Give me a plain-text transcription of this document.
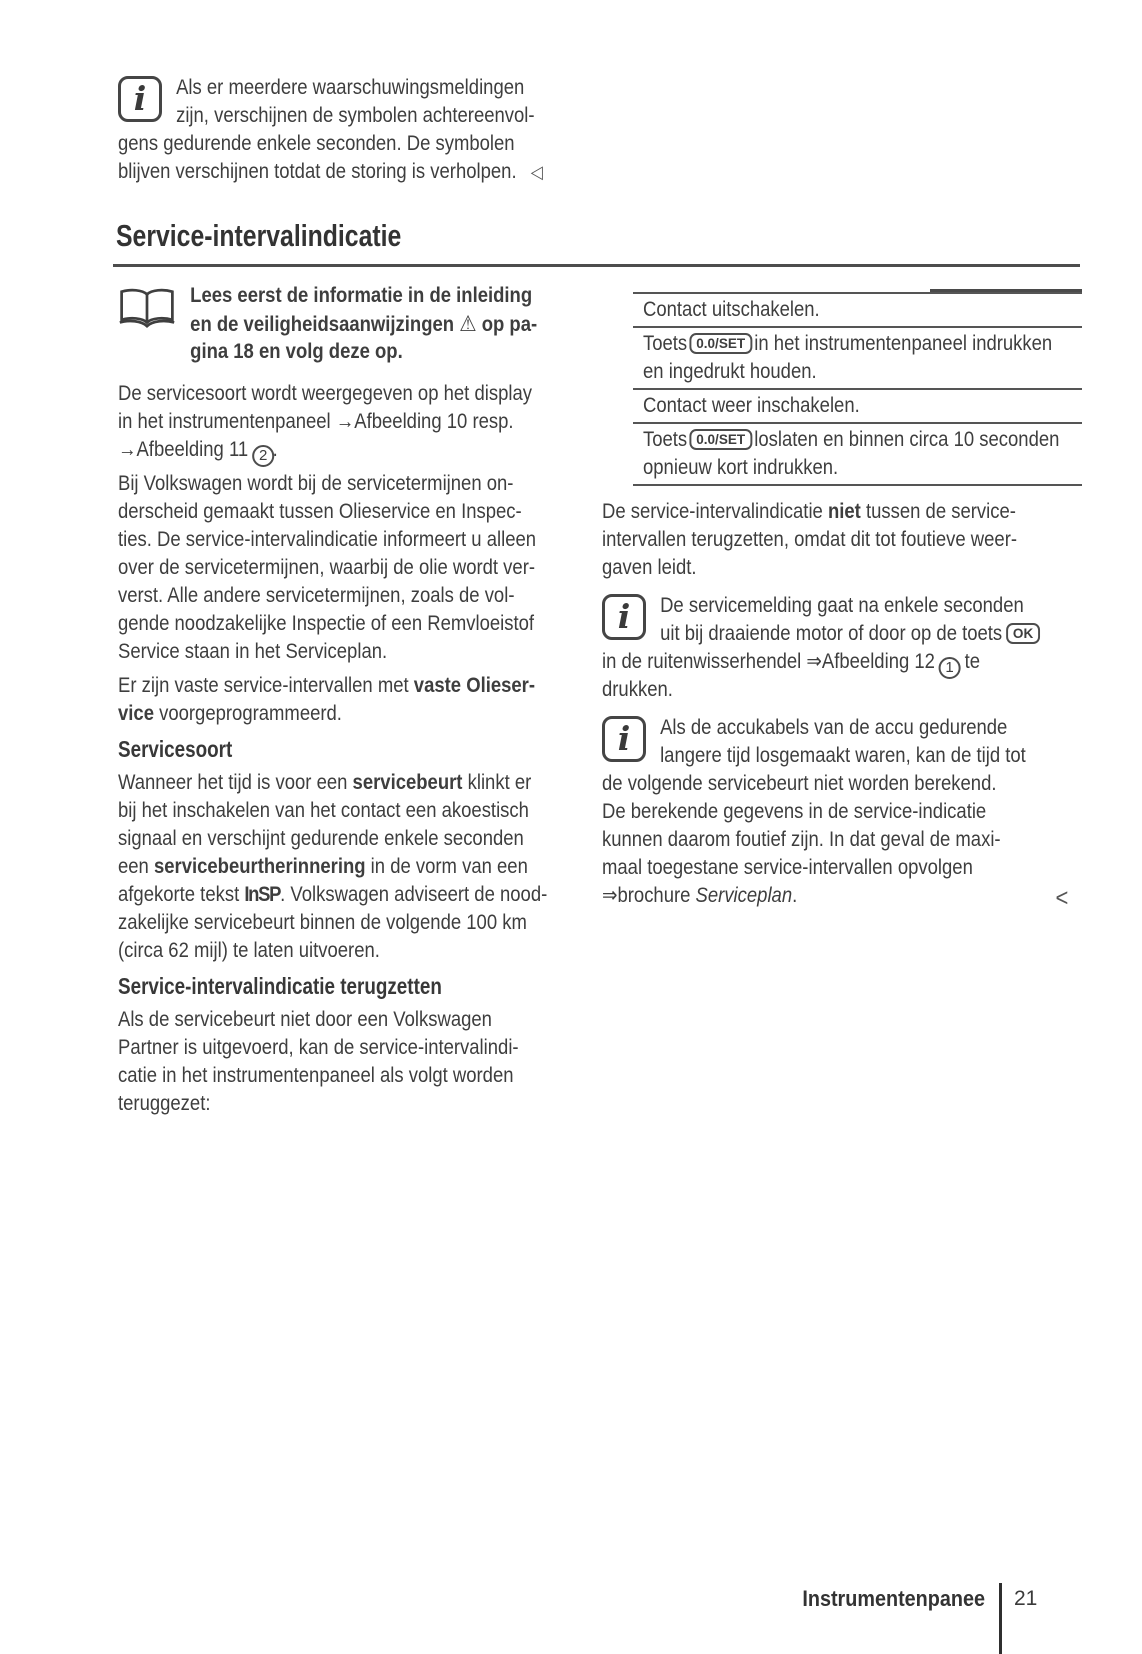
i	Als er meerdere waarschuwingsmeldingen
zijn, verschijnen de symbolen achtereenvol-
gens gedurende enkele seconden. De symbolen
blijven verschijnen totdat de storing is verholpen. ◁
Service-intervalindicatie
Lees eerst de informatie in de inleiding
en de veiligheidsaanwijzingen ⚠ op pa-
gina 18 en volg deze op.
De servicesoort wordt weergegeven op het display
in het instrumentenpaneel →Afbeelding 10 resp.
→Afbeelding 11 2 .
Bij Volkswagen wordt bij de servicetermijnen on-
derscheid gemaakt tussen Olieservice en Inspec-
ties. De service-intervalindicatie informeert u alleen
over de servicetermijnen, waarbij de olie wordt ver-
verst. Alle andere servicetermijnen, zoals de vol-
gende noodzakelijke Inspectie of een Remvloeistof
Service staan in het Serviceplan.
Er zijn vaste service-intervallen met vaste Olieser-
vice voorgeprogrammeerd.
Servicesoort
Wanneer het tijd is voor een servicebeurt klinkt er
bij het inschakelen van het contact een akoestisch
signaal en verschijnt gedurende enkele seconden
een servicebeurtherinnering in de vorm van een
afgekorte tekst InSP. Volkswagen adviseert de nood-
zakelijke servicebeurt binnen de volgende 100 km
(circa 62 mijl) te laten uitvoeren.
Service-intervalindicatie terugzetten
Als de servicebeurt niet door een Volkswagen
Partner is uitgevoerd, kan de service-intervalindi-
catie in het instrumentenpaneel als volgt worden
teruggezet:
Contact uitschakelen.
Toets 0.0/SET in het instrumentenpaneel indrukken
en ingedrukt houden.
Contact weer inschakelen.
Toets 0.0/SET loslaten en binnen circa 10 seconden
opnieuw kort indrukken.
De service-intervalindicatie niet tussen de service-
intervallen terugzetten, omdat dit tot foutieve weer-
gaven leidt.
i	De servicemelding gaat na enkele seconden
uit bij draaiende motor of door op de toets OK
in de ruitenwisserhendel ⇒Afbeelding 12 1 te
drukken.
i	Als de accukabels van de accu gedurende
langere tijd losgemaakt waren, kan de tijd tot
de volgende servicebeurt niet worden berekend.
De berekende gegevens in de service-indicatie
kunnen daarom foutief zijn. In dat geval de maxi-
maal toegestane service-intervallen opvolgen
⇒brochure Serviceplan.	<
Instrumentenpanee 21
